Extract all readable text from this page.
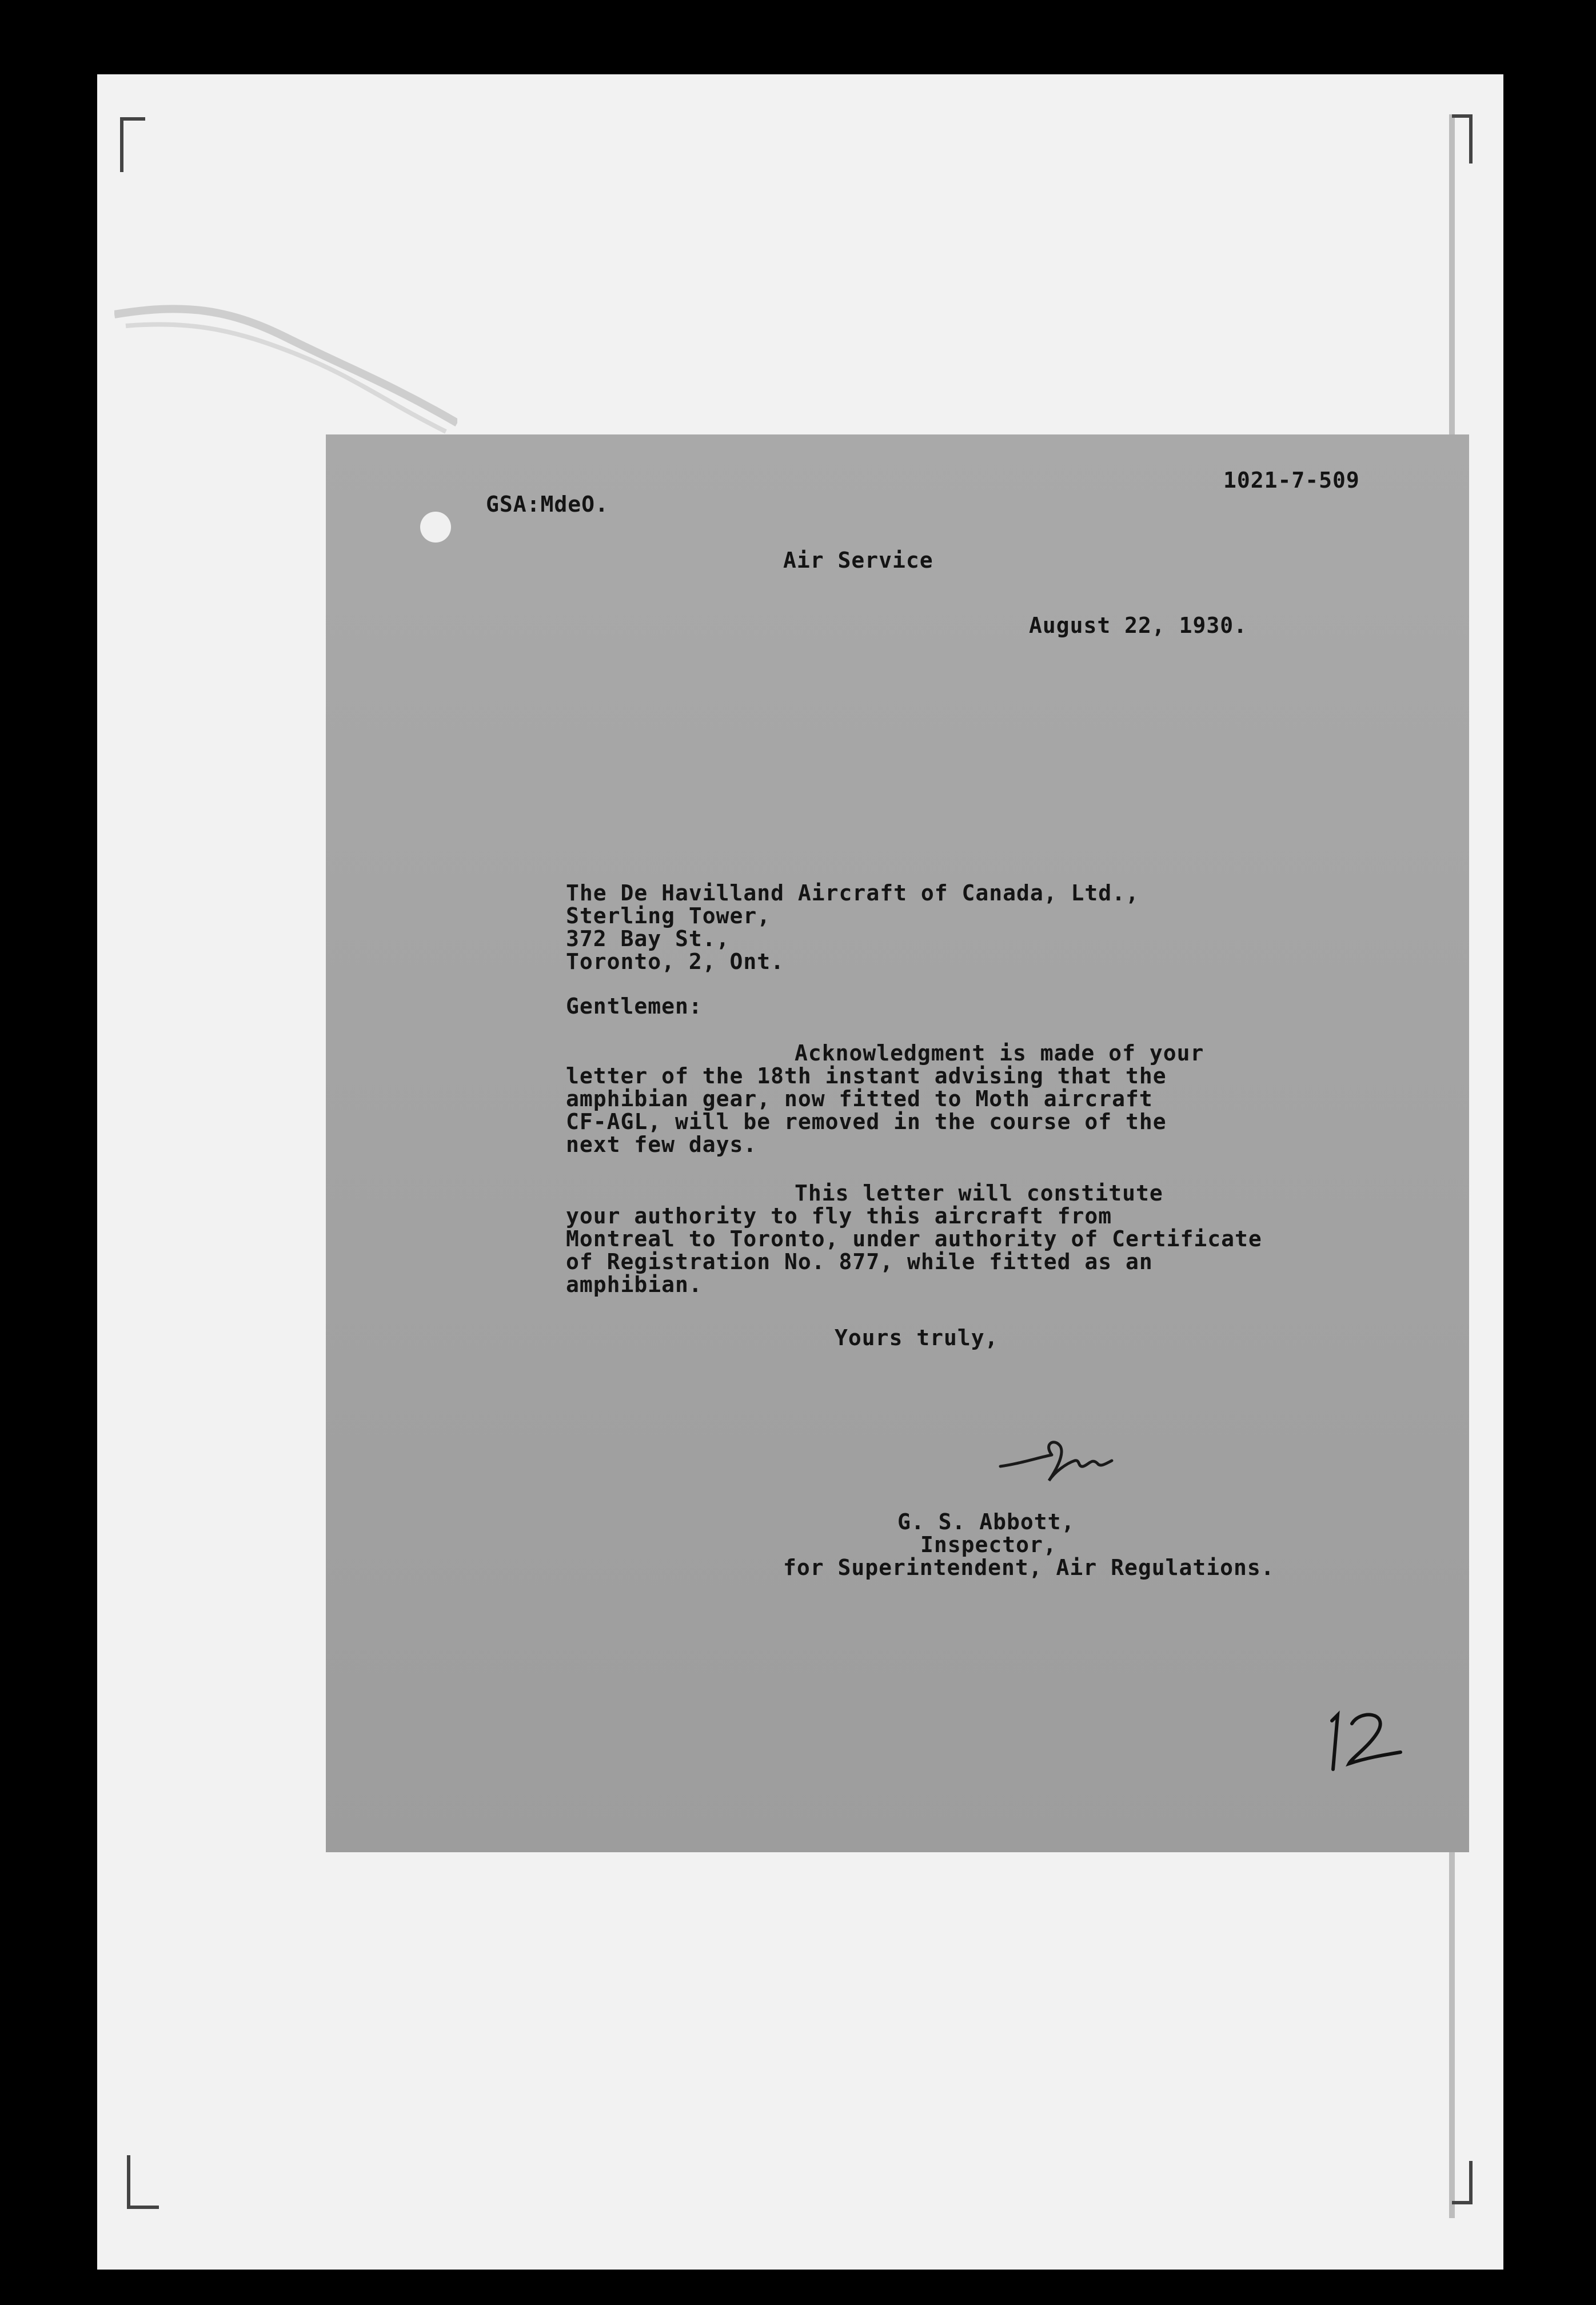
GSA:MdeO.

1021-7-509

Air Service

August 22, 1930.

The De Havilland Aircraft of Canada, Ltd.,

Sterling Tower,

372 Bay St.,

Toronto, 2, Ont.

Gentlemen:

Acknowledgment is made of your

letter of the 18th instant advising that the

amphibian gear, now fitted to Moth aircraft

CF-AGL, will be removed in the course of the

next few days.

This letter will constitute

your authority to fly this aircraft from

Montreal to Toronto, under authority of Certificate

of Registration No. 877, while fitted as an

amphibian.

Yours truly,

G. S. Abbott,

Inspector,

for Superintendent, Air Regulations.
